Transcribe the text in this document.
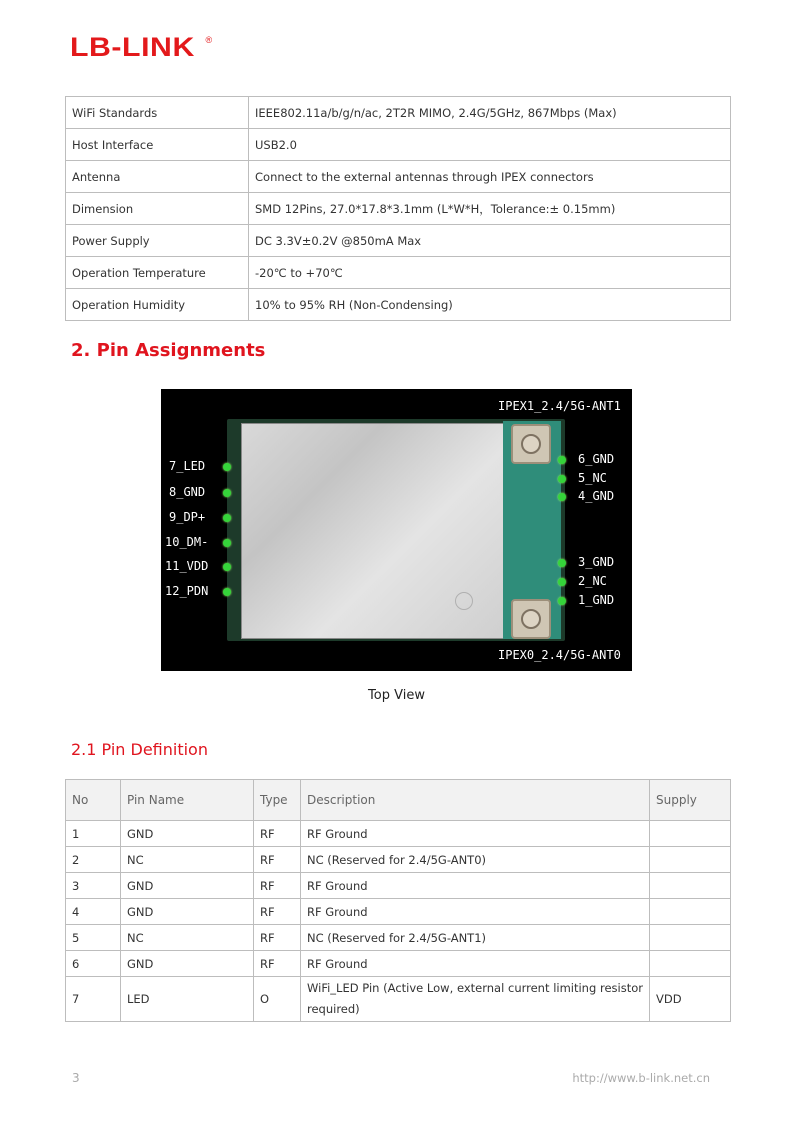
LB-LINK ®
WiFi Standards	IEEE802.11a/b/g/n/ac, 2T2R MIMO, 2.4G/5GHz, 867Mbps (Max)
Host Interface	USB2.0
Antenna	Connect to the external antennas through IPEX connectors
Dimension	SMD 12Pins, 27.0*17.8*3.1mm (L*W*H，Tolerance:± 0.15mm)
Power Supply	DC 3.3V±0.2V @850mA Max
Operation Temperature	-20℃ to +70℃
Operation Humidity	10% to 95% RH (Non-Condensing)
2. Pin Assignments
IPEX1_2.4/5G-ANT1
IPEX0_2.4/5G-ANT0
7_LED
8_GND
9_DP+
10_DM-
11_VDD
12_PDN
6_GND
5_NC
4_GND
3_GND
2_NC
1_GND
Top View
2.1 Pin Definition
No	Pin Name	Type	Description	Supply
1	GND	RF	RF Ground	
2	NC	RF	NC (Reserved for 2.4/5G-ANT0)	
3	GND	RF	RF Ground	
4	GND	RF	RF Ground	
5	NC	RF	NC (Reserved for 2.4/5G-ANT1)	
6	GND	RF	RF Ground	
7	LED	O	WiFi_LED Pin (Active Low, external current limiting resistor required)	VDD
3	http://www.b-link.net.cn
